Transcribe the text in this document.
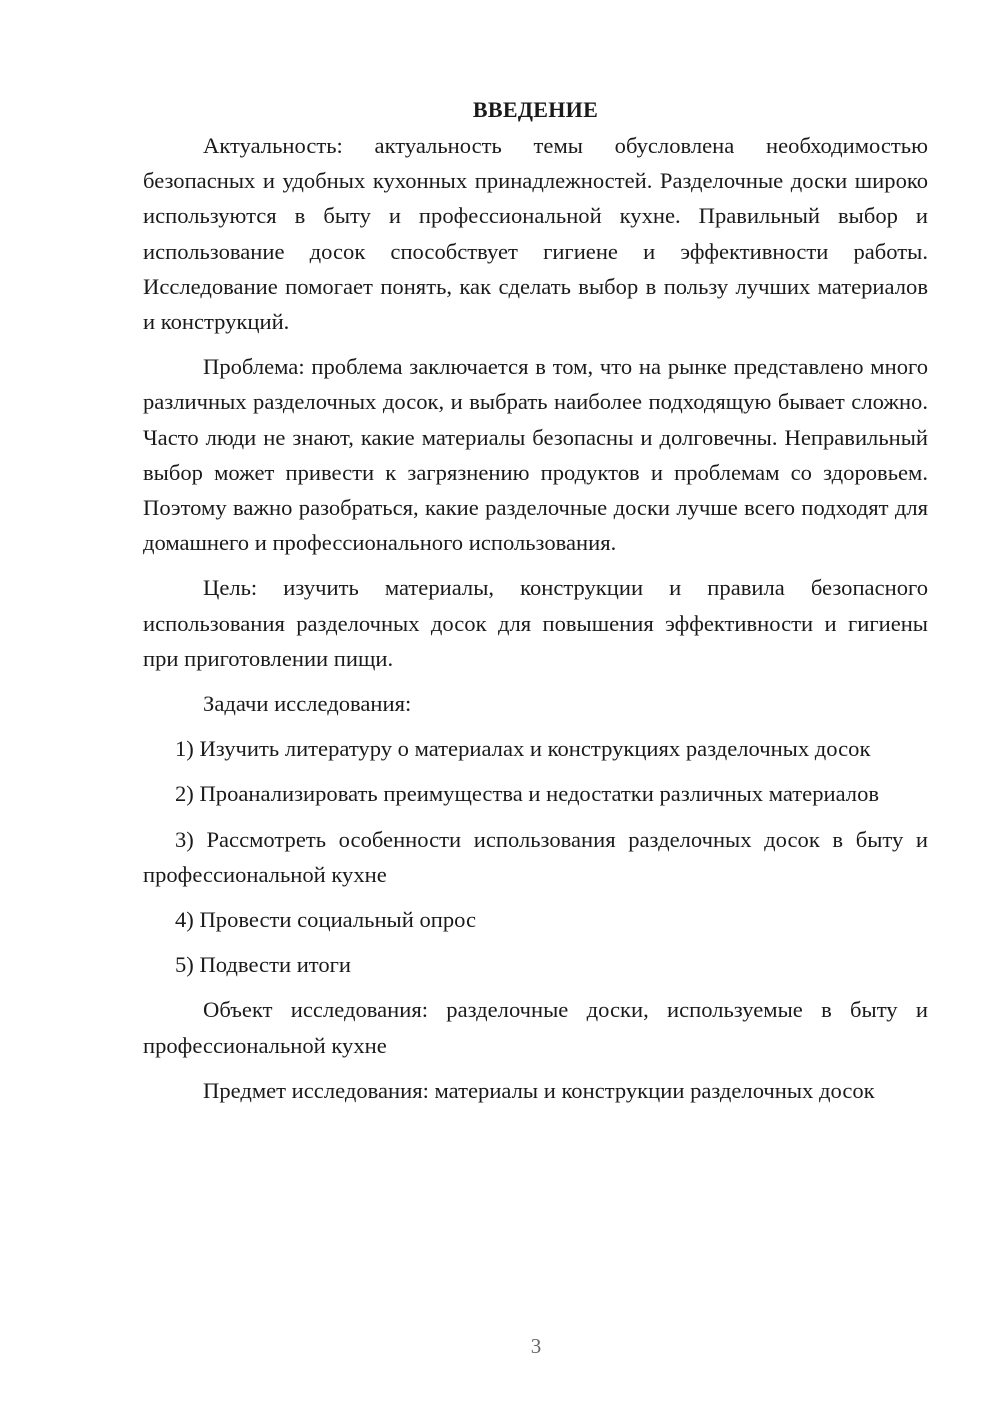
ВВЕДЕНИЕ

Актуальность: актуальность темы обусловлена необходимостью безопасных и удобных кухонных принадлежностей. Разделочные доски широко используются в быту и профессиональной кухне. Правильный выбор и использование досок способствует гигиене и эффективности работы. Исследование помогает понять, как сделать выбор в пользу лучших материалов и конструкций.

Проблема: проблема заключается в том, что на рынке представлено много различных разделочных досок, и выбрать наиболее подходящую бывает сложно. Часто люди не знают, какие материалы безопасны и долговечны. Неправильный выбор может привести к загрязнению продуктов и проблемам со здоровьем. Поэтому важно разобраться, какие разделочные доски лучше всего подходят для домашнего и профессионального использования.

Цель: изучить материалы, конструкции и правила безопасного использования разделочных досок для повышения эффективности и гигиены при приготовлении пищи.

Задачи исследования:

1) Изучить литературу о материалах и конструкциях разделочных досок

2) Проанализировать преимущества и недостатки различных материалов

3) Рассмотреть особенности использования разделочных досок в быту и профессиональной кухне

4) Провести социальный опрос

5) Подвести итоги

Объект исследования: разделочные доски, используемые в быту и профессиональной кухне

Предмет исследования: материалы и конструкции разделочных досок

3
